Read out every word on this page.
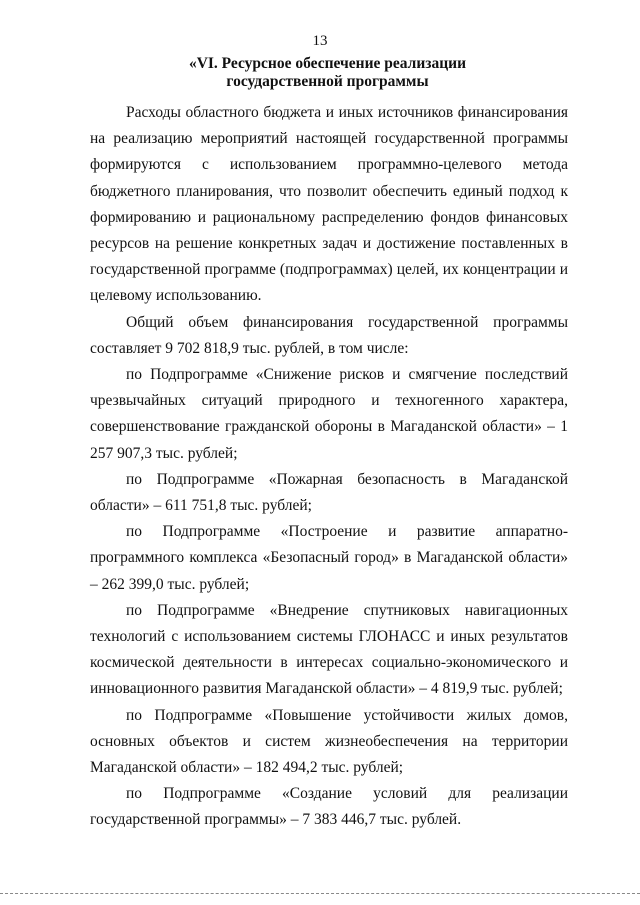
13
«VI. Ресурсное обеспечение реализации
государственной программы

Расходы областного бюджета и иных источников финансирования на реализацию мероприятий настоящей государственной программы формируются с использованием программно-целевого метода бюджетного планирования, что позволит обеспечить единый подход к формированию и рациональному распределению фондов финансовых ресурсов на решение конкретных задач и достижение поставленных в государственной программе (подпрограммах) целей, их концентрации и целевому использованию.

Общий объем финансирования государственной программы составляет 9 702 818,9 тыс. рублей, в том числе:

по Подпрограмме «Снижение рисков и смягчение последствий чрезвычайных ситуаций природного и техногенного характера, совершенствование гражданской обороны в Магаданской области» – 1 257 907,3 тыс. рублей;

по Подпрограмме «Пожарная безопасность в Магаданской области» – 611 751,8 тыс. рублей;

по Подпрограмме «Построение и развитие аппаратно-программного комплекса «Безопасный город» в Магаданской области» – 262 399,0 тыс. рублей;

по Подпрограмме «Внедрение спутниковых навигационных технологий с использованием системы ГЛОНАСС и иных результатов космической деятельности в интересах социально-экономического и инновационного развития Магаданской области» – 4 819,9 тыс. рублей;

по Подпрограмме «Повышение устойчивости жилых домов, основных объектов и систем жизнеобеспечения на территории Магаданской области» – 182 494,2 тыс. рублей;

по Подпрограмме «Создание условий для реализации государственной программы» – 7 383 446,7 тыс. рублей.
